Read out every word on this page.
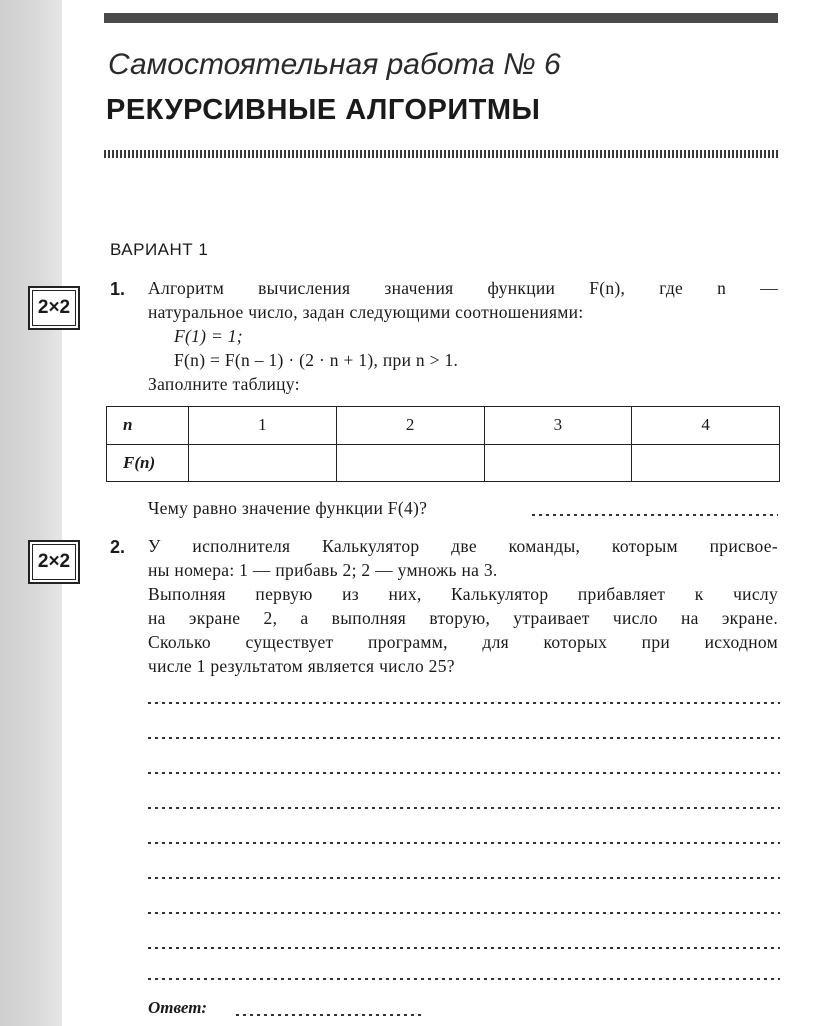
Самостоятельная работа № 6
РЕКУРСИВНЫЕ АЛГОРИТМЫ
ВАРИАНТ 1
2×2
1. Алгоритм вычисления значения функции F(n), где n —
натуральное число, задан следующими соотношениями:
F(1) = 1;
F(n) = F(n – 1) · (2 · n + 1), при n > 1.
Заполните таблицу:
n	1	2	3	4
F(n)				
Чему равно значение функции F(4)?
2×2
2. У исполнителя Калькулятор две команды, которым присвое-
ны номера: 1 — прибавь 2; 2 — умножь на 3.
Выполняя первую из них, Калькулятор прибавляет к числу
на экране 2, а выполняя вторую, утраивает число на экране.
Сколько существует программ, для которых при исходном
числе 1 результатом является число 25?
Ответ:
